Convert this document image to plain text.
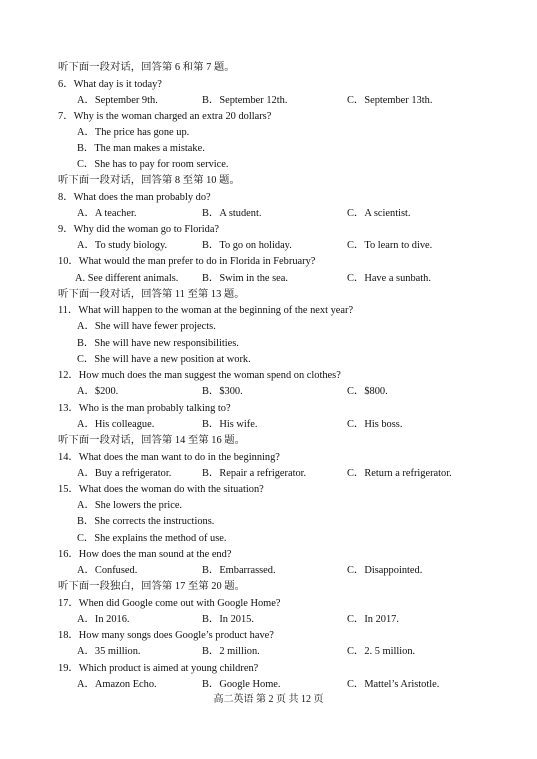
听下面一段对话，回答第 6 和第 7 题。
6．What day is it today?
A．September 9th.	B．September 12th.	C．September 13th.
7．Why is the woman charged an extra 20 dollars?
A．The price has gone up.
B．The man makes a mistake.
C．She has to pay for room service.
听下面一段对话，回答第 8 至第 10 题。
8．What does the man probably do?
A．A teacher.	B．A student.	C．A scientist.
9．Why did the woman go to Florida?
A．To study biology.	B．To go on holiday.	C．To learn to dive.
10．What would the man prefer to do in Florida in February?
A. See different animals. B．Swim in the sea.	C．Have a sunbath.
听下面一段对话，回答第 11 至第 13 题。
11．What will happen to the woman at the beginning of the next year?
A．She will have fewer projects.
B．She will have new responsibilities.
C．She will have a new position at work.
12．How much does the man suggest the woman spend on clothes?
A．$200.	B．$300.	C．$800.
13．Who is the man probably talking to?
A．His colleague.	B．His wife.	C．His boss.
听下面一段对话，回答第 14 至第 16 题。
14．What does the man want to do in the beginning?
A．Buy a refrigerator.	B．Repair a refrigerator.	C．Return a refrigerator.
15．What does the woman do with the situation?
A．She lowers the price.
B．She corrects the instructions.
C．She explains the method of use.
16．How does the man sound at the end?
A．Confused.	B．Embarrassed.	C．Disappointed.
听下面一段独白，回答第 17 至第 20 题。
17．When did Google come out with Google Home?
A．In 2016.	B．In 2015.	C．In 2017.
18．How many songs does Google’s product have?
A．35 million.	B．2 million.	C．2. 5 million.
19．Which product is aimed at young children?
A．Amazon Echo.	B．Google Home.	C．Mattel’s Aristotle.
高二英语 第 2 页 共 12 页
